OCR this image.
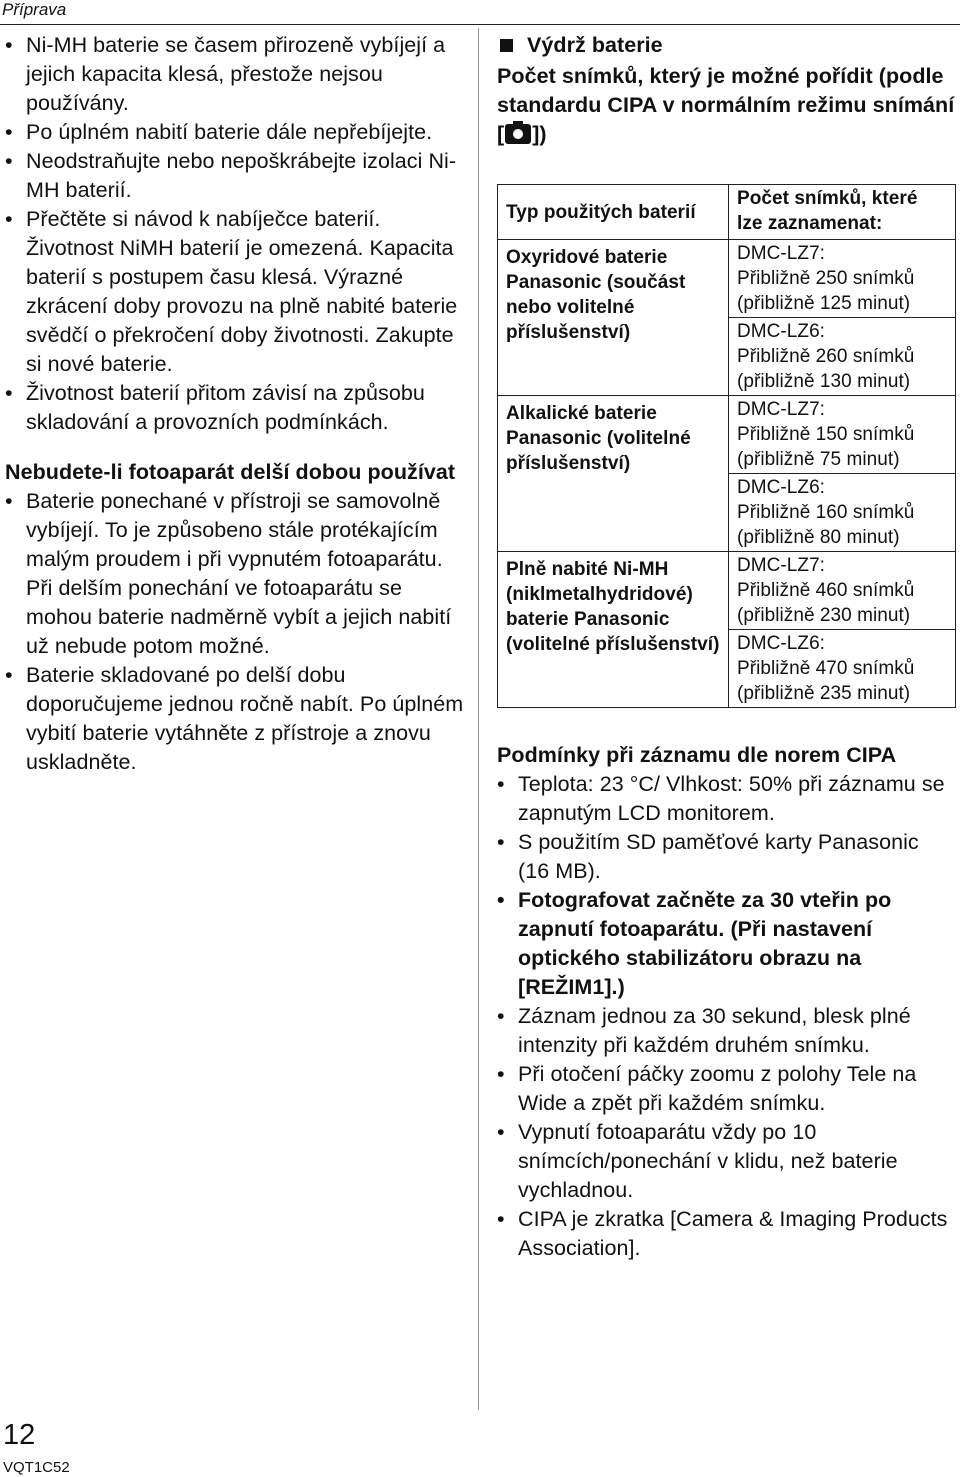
Příprava
• Ni-MH baterie se časem přirozeně vybíjejí a jejich kapacita klesá, přestože nejsou používány.
• Po úplném nabití baterie dále nepřebíjejte.
• Neodstraňujte nebo nepoškrábejte izolaci Ni-MH baterií.
• Přečtěte si návod k nabíječce baterií. Životnost NiMH baterií je omezená. Kapacita baterií s postupem času klesá. Výrazné zkrácení doby provozu na plně nabité baterie svědčí o překročení doby životnosti. Zakupte si nové baterie.
• Životnost baterií přitom závisí na způsobu skladování a provozních podmínkách.
Nebudete-li fotoaparát delší dobou používat
• Baterie ponechané v přístroji se samovolně vybíjejí. To je způsobeno stále protékajícím malým proudem i při vypnutém fotoaparátu. Při delším ponechání ve fotoaparátu se mohou baterie nadměrně vybít a jejich nabití už nebude potom možné.
• Baterie skladované po delší dobu doporučujeme jednou ročně nabít. Po úplném vybití baterie vytáhněte z přístroje a znovu uskladněte.
Výdrž baterie
Počet snímků, který je možné pořídit (podle standardu CIPA v normálním režimu snímání [ ])
Typ použitých baterií	Počet snímků, které lze zaznamenat:
Oxyridové baterie Panasonic (součást nebo volitelné příslušenství)	DMC-LZ7:
Přibližně 250 snímků
(přibližně 125 minut)

	DMC-LZ6:
Přibližně 260 snímků
(přibližně 130 minut)

Alkalické baterie Panasonic (volitelné příslušenství)	DMC-LZ7:
Přibližně 150 snímků
(přibližně 75 minut)

	DMC-LZ6:
Přibližně 160 snímků
(přibližně 80 minut)

Plně nabité Ni-MH (niklmetalhydridové) baterie Panasonic (volitelné příslušenství)	DMC-LZ7:
Přibližně 460 snímků
(přibližně 230 minut)

	DMC-LZ6:
Přibližně 470 snímků
(přibližně 235 minut)
Podmínky při záznamu dle norem CIPA
• Teplota: 23 °C/ Vlhkost: 50% při záznamu se zapnutým LCD monitorem.
• S použitím SD paměťové karty Panasonic (16 MB).
• Fotografovat začněte za 30 vteřin po zapnutí fotoaparátu. (Při nastavení optického stabilizátoru obrazu na [REŽIM1].)
• Záznam jednou za 30 sekund, blesk plné intenzity při každém druhém snímku.
• Při otočení páčky zoomu z polohy Tele na Wide a zpět při každém snímku.
• Vypnutí fotoaparátu vždy po 10 snímcích/ponechání v klidu, než baterie vychladnou.
• CIPA je zkratka [Camera & Imaging Products Association].
12
VQT1C52
